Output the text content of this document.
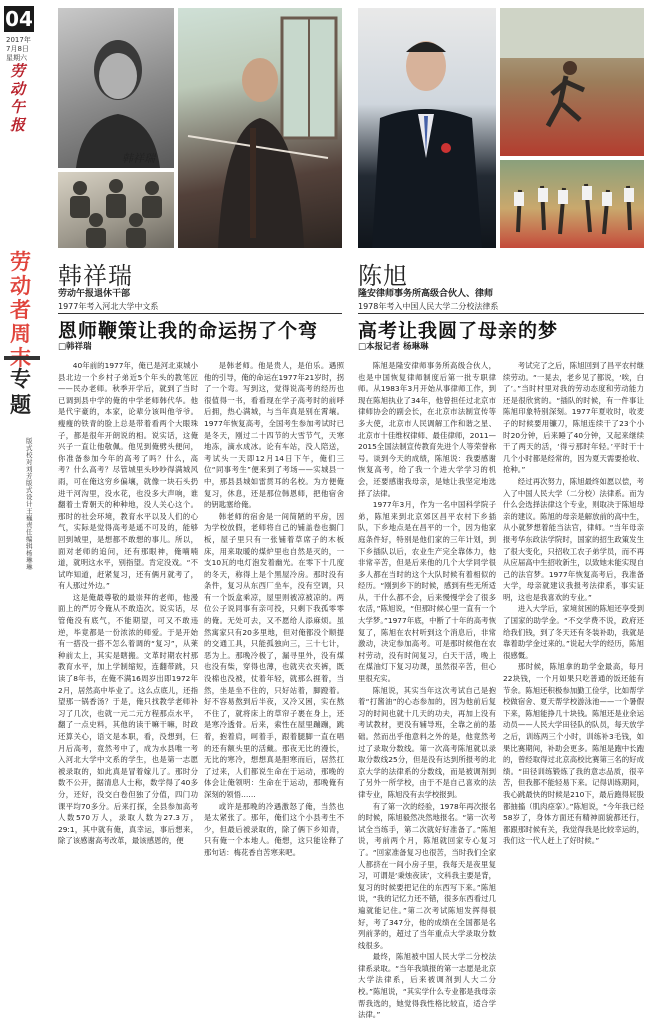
04
2017年
7月8日
星期六
劳动午报
劳动者周末
专题
版式校对
刘芳
版式设计
王巍
责任编辑
杨琳琳
韩祥瑞
韩祥瑞
劳动午报退休干部
1977年考入河北大学中文系
恩师鞭策让我的命运拐了个弯
□韩祥瑞
陈旭
隆安律师事务所高级合伙人、律师
1978年考入中国人民大学二分校法律系
高考让我圆了母亲的梦
□本报记者 杨琳琳

40年前的1977年，俺已是河北束城小县北边一个乡村子弟近5个年头的教笔匠——民办老师。秋季开学后，就到了当时已调到县中学的俺的中学老师韩代华。他是代宇豪的，本家，论辈分该叫他爷爷。瘦瘦的铁青的脸上总是带着看两个大眼珠子，都是很年开朗说的相。说实话，这俺兴子一直让他敬佩。他见到俺劈头便问，你准备参加今年的高考了吗？什么，高考？什么高考？尽管城里头吵吵得满城风雨，可在俺这穷乡偏壤，就像一块石头扔进干河沟里，没水花，也没多大声响，谁翻着土背朝天的种种地，没人关心这个。那时的社会环境，教育水平以及人们的心气，实际是觉得高考是遥不可及的，能够回到城里，是想都不敢想的事儿。所以，面对老师的追问，还有那眼神，俺喃喃道，就明这水平，别指望。肯定没戏。“不试咋知道，赶紧复习，还有俩月就考了，有人那过外边。”

这是俺最尊敬的最崇拜的老师，他漫面上的严厉令俺从不敢造次。说实话，尽管俺没有底气，不能期望，可又不敢违逆，毕竟都是一份浓浓的师爱。于是开始有一搭没一搭不怎么着调的“复习”，从莱种前太上，其实是瞎搬。文革时期农村那教育水平，加上学制缩短，连翻带跳，只读了8年书，在俺不满16周岁出即1972年2月，居然高中毕业了。这么点底儿，还指望那一锅香汤？于是，俺只找教学老师补习了几次，也就一元二元方程那点水平，翻了一点史料，其他的读干嘛干嘛，时政还算关心，语文是本职，看，没想到，仨月后高考，竟然考中了，成为水县唯一考入河北大学中文系的学生，也是第一志愿被录取的，如此真是冒着嫁儿了。那时分数不公开，据清息人士称，数学得了40多分，还好，没交白卷但独了分值，四门功课平均70多分。后来打探，全县参加高考人数570万人，录取人数为27.3万，29:1，其中就有俺，真幸运，事后想来，除了该感谢高考改革，最该感恩的，便

是韩老师。他是贵人，是伯乐。遇照他的引导，俺的命运在1977年21岁时，拐了一个弯。写到这，觉得说高考的经历也很值得一书，看看现在学子高考时的前呼后拥，热心满城，与当年真是别在霄壤。1977年恢复高考，全国考生参加考试时已是冬天，刚过二十四节的大雪节气，天寒地冻，滴水成冰。论有车站，没人陪送，考试头一天即12月14日下午，俺们三位“同事考生”便来到了考场——实城县一中，那县县城如雷贯耳的名校。为方便俺复习，休息，还是那位韩恩师，把他宿舍的钥匙塞给俺。

韩老师的宿舍是一间简陋的平房，因为学校放假，老师将自己的铺盖卷也搁门板，屋子里只有一张铺着草席子的木板床，用来取暖的煤炉里也自然是灭的，一支10瓦的电灯泡发着幽光。在零下十几度的冬天，称得上是个黑屋冷房。那时没有条件，复习从东西厂坐车，没有空调，只有一个饭盒乘凉，屋里则被凉被凉的。两位公子说同事有亲可投，只剩下我孤零零的俺。无处可去，又不愿给人添麻烦。虽然寓家只有20多里地，但对俺都没个顺提的交通工具，只能孤独向三，三十七计，恶为上。那晚冷极了，漏寻里外，没有煤也没有柴，穿得也薄，也就夹衣夹裤，既没棉也没被，仗着年轻，就那么捱着，当然，坐是坐不住的，只好站着，脚蹬着。好不容易熬到后半夜，又冷又困，实在熬不住了，就将床上的草帘子裹在身上，还是寒冷透骨。后来，索性在屋里蹦蹦，跳着，抱着肩，呵着手，跟着腿脚一直在唱的还有额头里的活戴。那夜无比的漫长，无比的寒冷，想想真是胆寒而后，居然扛了过来，人们都说生命在于运动，那晚的体会让俺领明：生命在于运动，那晚俺有深刻的领悟……

或许是那晚的冷遇激怒了俺，当然也是太紧张了。那年，俺们这个小县考生不少，但最后被录取的，除了俩下乡知青，只有俺一个本地人。俺想，这只能诠释了那句话：梅花香自苦寒来吧。

陈旭是隆安律师事务所高级合伙人，也是中国恢复律师制度后第一批专职律师。从1983年3月开始从事律师工作，到现在陈旭执业了34年，他曾担任过北京市律师协会的副会长，在北京市法制宣传等多大使，北京市人民调解工作和谐之星、北京市十佳维权律师、最佳律师，2011—2015全国法制宣传教育先进个人等荣誉称号。谈到今天的成绩，陈旭说：我要感谢恢复高考，给了我一个进大学学习的机会，还要感谢我母亲，是她让我坚定地选择了法律。

1977年3月，作为一名中国科学院子弟，陈旭来到北京郊区昌平农村下乡插队，下乡地点是在昌平的一个，因为他家庭条件好，特别是他们家的三年计划，到下乡插队以后，农业生产完全靠体力，他非常辛苦，但是后来他的几个大学同学很多人都在当时的这个大队时候有着相似的经历。“刚到乡下的时候，感到有些无所适从，干什么都不会，后来慢慢学会了很多农活，”陈旭说，“但那时候心里一直有一个大学梦。”1977年底，中断了十年的高考恢复了，陈旭在农村听到这个消息后，非常激动，决定参加高考。可是那时候他在农村劳动，没有时间复习，白天干活，晚上在煤油灯下复习功课，虽然很辛苦，但心里很充实。

陈旭说，其实当年这次考试自己是抱着“打酱油”的心态参加的，因为他前后复习的时间也就十几天的功夫，再加上没有考试教材，更没有辅导班，全靠之前的基础。然而出乎他意料之外的是，他竟然考过了录取分数线。第一次高考陈旭就以录取分数线25分，但是没有达到所报考的北京大学的法律系的分数线，而是被调剂到了另外一所学校，由于不是自己喜欢的法律专业，陈旭没有去学校报到。

有了第一次的经验，1978年再次报名的时候，陈旭毅然决然地报名。“第一次考试全当练手，第二次就好好准备了。”陈旭说，考前两个月，陈旭就回家专心复习了。“回家准备复习也很苦，当时我们全家人都挤在一间小房子里，我每天是夜里复习，可谓是‘秉烛夜读’，文科我主要是背，复习的时候要把记住的东西写下来。”陈旭说，“我的记忆力还不错，很多东西看过几遍就能记住。”第二次考试陈旭发挥得很好，考了347分，他的成绩在全国都是名列前茅的，超过了当年重点大学录取分数线很多。

最终，陈旭被中国人民大学二分校法律系录取。“当年我填报的第一志愿是北京大学法律系，后来被调剂到人大二分校。”陈旭说，“其实学什么专业都是我母亲帮我选的，她觉得我性格比较直，适合学法律。”

考试完了之后，陈旭回到了昌平农村继续劳动。“一晃去，老乡见了都说，‘唉，白了’。”当时村里对我的劳动态度和劳动能力还是很欣赏的。“插队的时候，有一件事让陈旭印象特别深刻。1977年夏收时，收麦子的时候要用镰刀，陈旭连续干了23个小时20分钟，后来睡了40分钟，又起来继续干了两天的活，‘得亏那时年轻。’平时干十几个小时都是经常的，因为夏天需要抢收、抢种。”

经过再次努力，陈旭最终如愿以偿，考入了中国人民大学（二分校）法律系。而为什么会选择法律这个专业，则取决于陈旭母亲的建议。陈旭的母亲是解放前的高中生，从小就梦想着能当法官，律师。“当年母亲报考华东政法学院时，国家的招生政策发生了很大变化，只招收工农子弟学员，而不再从应届高中生招收新生，以致她未能实现自己的法官梦。1977年恢复高考后，我准备大学，母亲就建议我报考法律系，事实证明，这也是我喜欢的专业。”

进入大学后，家境贫困的陈旭还享受到了国家的助学金。“不交学费不说，政府还给我们钱，到了冬天还有冬装补助，我就是靠着助学金过来的。”说起大学的经历，陈旭很感慨。

那时候，陈旭拿的助学金最高，每月22块钱，一个月如果只吃普通的饭还能有节余。陈旭还积极参加勤工俭学，比如帮学校做宿舍、夏天帮学校游泳池——一个暑假下来，陈旭能挣几十块钱。陈旭还是业余运动员——人民大学田径队的队员，每天放学之后，训练两三个小时，训练补3毛钱，如果比赛期间，补助会更多。陈旭是跑中长跑的，曾经取得过北京高校比赛第三名的好成绩。“田径训练锻炼了我的意志品质，很辛苦，但我都不能轻易下来。记得训练期间，我心跳最快的时候是210下，最后跑得屁股都抽搐（肌肉痉挛）。”陈旭说，“今年我已经58岁了，身体方面还有精神面貌都还行，都跟那时候有关，我觉得我是比较幸运的，我们这一代人赶上了好时候。”
